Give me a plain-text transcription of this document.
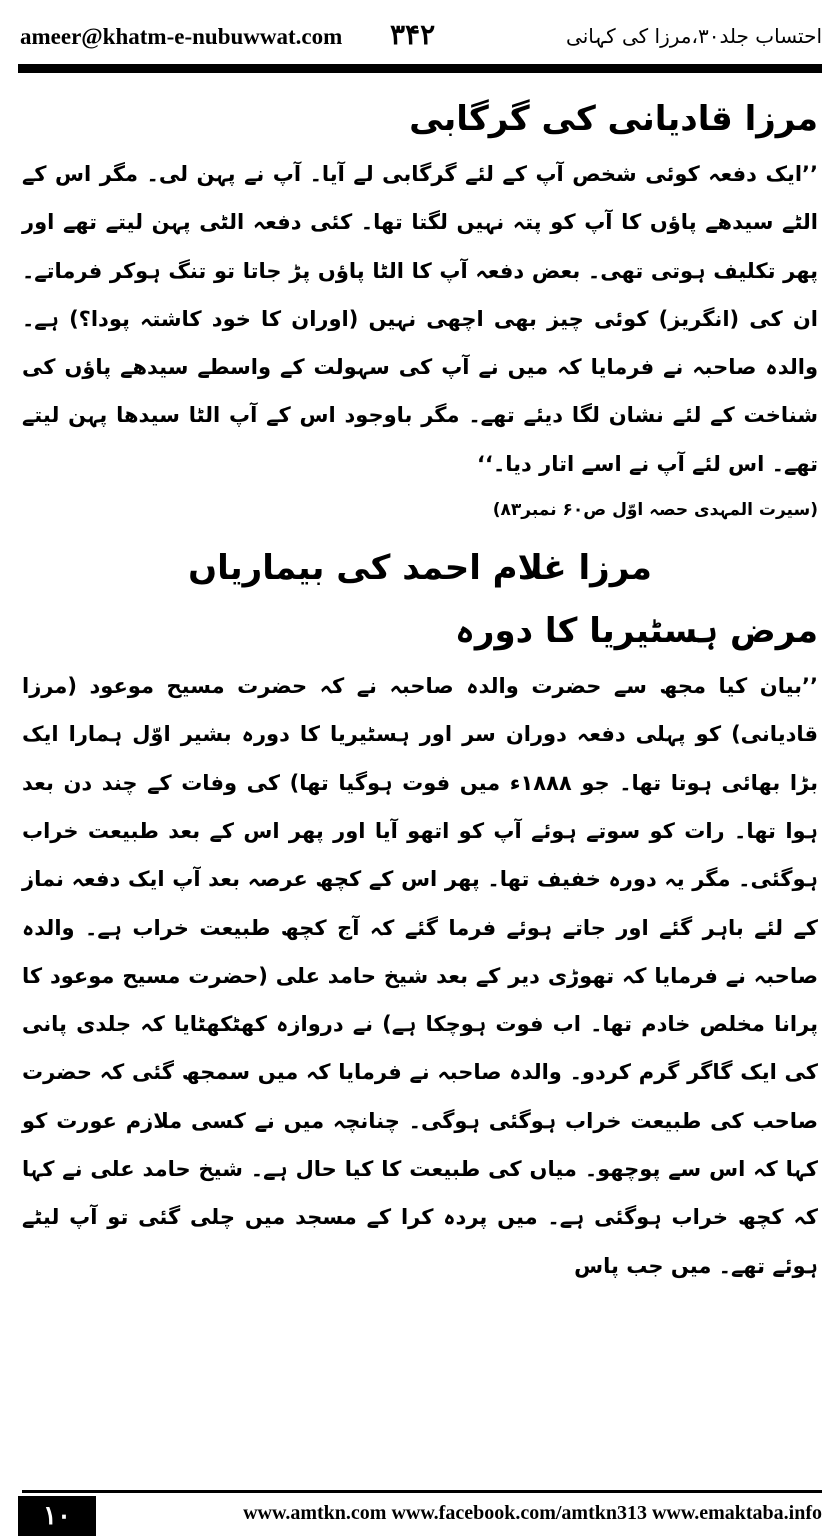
ameer@khatm-e-nubuwwat.com ۳۴۲	احتساب جلد۳۰،مرزا کی کہانی
مرزا قادیانی کی گرگابی

’’ایک دفعہ کوئی شخص آپ کے لئے گرگابی لے آیا۔ آپ نے پہن لی۔ مگر اس کے الٹے سیدھے پاؤں کا آپ کو پتہ نہیں لگتا تھا۔ کئی دفعہ الٹی پہن لیتے تھے اور پھر تکلیف ہوتی تھی۔ بعض دفعہ آپ کا الٹا پاؤں پڑ جاتا تو تنگ ہوکر فرماتے۔ ان کی (انگریز) کوئی چیز بھی اچھی نہیں (اوران کا خود کاشتہ پودا؟) ہے۔ والدہ صاحبہ نے فرمایا کہ میں نے آپ کی سہولت کے واسطے سیدھے پاؤں کی شناخت کے لئے نشان لگا دیئے تھے۔ مگر باوجود اس کے آپ الٹا سیدھا پہن لیتے تھے۔ اس لئے آپ نے اسے اتار دیا۔‘‘

(سیرت المہدی حصہ اوّل ص۶۰ نمبر۸۳)

مرزا غلام احمد کی بیماریاں
مرض ہسٹیریا کا دورہ

’’بیان کیا مجھ سے حضرت والدہ صاحبہ نے کہ حضرت مسیح موعود (مرزا قادیانی) کو پہلی دفعہ دوران سر اور ہسٹیریا کا دورہ بشیر اوّل ہمارا ایک بڑا بھائی ہوتا تھا۔ جو ۱۸۸۸ء میں فوت ہوگیا تھا) کی وفات کے چند دن بعد ہوا تھا۔ رات کو سوتے ہوئے آپ کو اتھو آیا اور پھر اس کے بعد طبیعت خراب ہوگئی۔ مگر یہ دورہ خفیف تھا۔ پھر اس کے کچھ عرصہ بعد آپ ایک دفعہ نماز کے لئے باہر گئے اور جاتے ہوئے فرما گئے کہ آج کچھ طبیعت خراب ہے۔ والدہ صاحبہ نے فرمایا کہ تھوڑی دیر کے بعد شیخ حامد علی (حضرت مسیح موعود کا پرانا مخلص خادم تھا۔ اب فوت ہوچکا ہے) نے دروازہ کھٹکھٹایا کہ جلدی پانی کی ایک گاگر گرم کردو۔ والدہ صاحبہ نے فرمایا کہ میں سمجھ گئی کہ حضرت صاحب کی طبیعت خراب ہوگئی ہوگی۔ چنانچہ میں نے کسی ملازم عورت کو کہا کہ اس سے پوچھو۔ میاں کی طبیعت کا کیا حال ہے۔ شیخ حامد علی نے کہا کہ کچھ خراب ہوگئی ہے۔ میں پردہ کرا کے مسجد میں چلی گئی تو آپ لیٹے ہوئے تھے۔ میں جب پاس

۱۰	www.amtkn.com www.facebook.com/amtkn313 www.emaktaba.info
